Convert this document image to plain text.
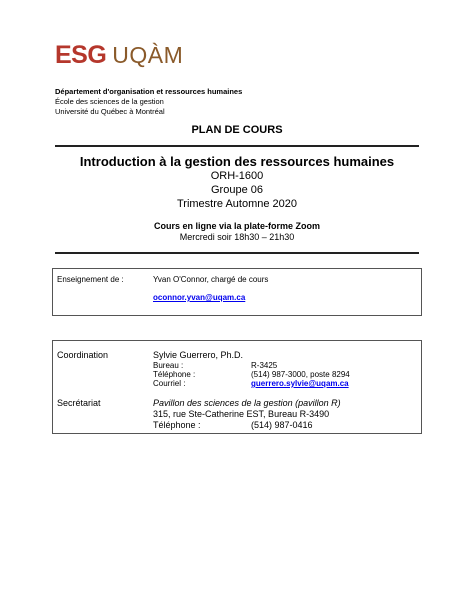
ESG UQÀM
Département d'organisation et ressources humaines
École des sciences de la gestion
Université du Québec à Montréal
PLAN DE COURS
Introduction à la gestion des ressources humaines
ORH-1600
Groupe 06
Trimestre Automne 2020
Cours en ligne via la plate-forme Zoom
Mercredi soir 18h30 – 21h30
Enseignement de :	Yvan O'Connor, chargé de cours
oconnor.yvan@uqam.ca
Coordination	Sylvie Guerrero, Ph.D.
Bureau :	R-3425
Téléphone :	(514) 987-3000, poste 8294
Courriel :	guerrero.sylvie@uqam.ca
Secrétariat	Pavillon des sciences de la gestion (pavillon R)
315, rue Ste-Catherine EST, Bureau R-3490
Téléphone :	(514) 987-0416
